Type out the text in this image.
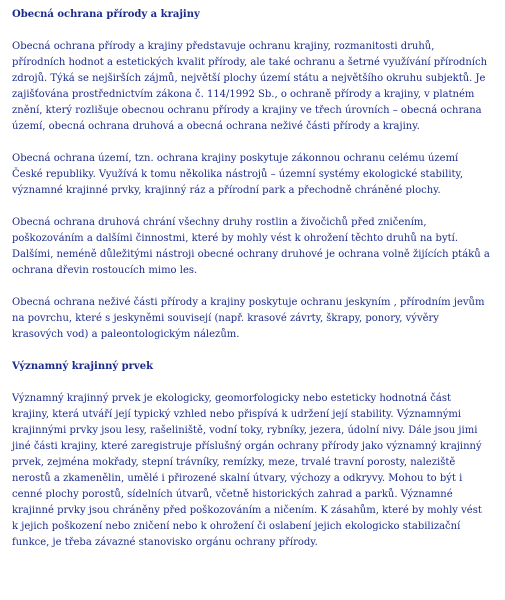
Obecná ochrana přírody a krajiny
Obecná ochrana přírody a krajiny představuje ochranu krajiny, rozmanitosti druhů, přírodních hodnot a estetických kvalit přírody, ale také ochranu a šetrné využívání přírodních zdrojů. Týká se nejširších zájmů, největší plochy území státu a největšího okruhu subjektů. Je zajišťována prostřednictvím zákona č. 114/1992 Sb., o ochraně přírody a krajiny, v platném znění, který rozlišuje obecnou ochranu přírody a krajiny ve třech úrovních – obecná ochrana území, obecná ochrana druhová a obecná ochrana neživé části přírody a krajiny.
Obecná ochrana území, tzn. ochrana krajiny poskytuje zákonnou ochranu celému území České republiky. Využívá k tomu několika nástrojů – územní systémy ekologické stability, významné krajinné prvky, krajinný ráz a přírodní park a přechodně chráněné plochy.
Obecná ochrana druhová chrání všechny druhy rostlin a živočichů před zničením, poškozováním a dalšími činnostmi, které by mohly vést k ohrožení těchto druhů na bytí. Dalšími, neméně důležitými nástroji obecné ochrany druhové je ochrana volně žijících ptáků a ochrana dřevin rostoucích mimo les.
Obecná ochrana neživé části přírody a krajiny poskytuje ochranu jeskyním , přírodním jevům na povrchu, které s jeskyněmi souvisejí (např. krasové závrty, škrapy, ponory, vývěry krasových vod) a paleontologickým nálezům.
Významný krajinný prvek
Významný krajinný prvek je ekologicky, geomorfologicky nebo esteticky hodnotná část krajiny, která utváří její typický vzhled nebo přispívá k udržení její stability. Významnými krajinnými prvky jsou lesy, rašeliniště, vodní toky, rybníky, jezera, údolní nivy. Dále jsou jimi jiné části krajiny, které zaregistruje příslušný orgán ochrany přírody jako významný krajinný prvek, zejména mokřady, stepní trávníky, remízky, meze, trvalé travní porosty, naleziště nerostů a zkamenělin, umělé i přirozené skalní útvary, výchozy a odkryvy. Mohou to být i cenné plochy porostů, sídelních útvarů, včetně historických zahrad a parků. Významné krajinné prvky jsou chráněny před poškozováním a ničením. K zásahům, které by mohly vést k jejich poškození nebo zničení nebo k ohrožení či oslabení jejich ekologicko stabilizační funkce, je třeba závazné stanovisko orgánu ochrany přírody.
